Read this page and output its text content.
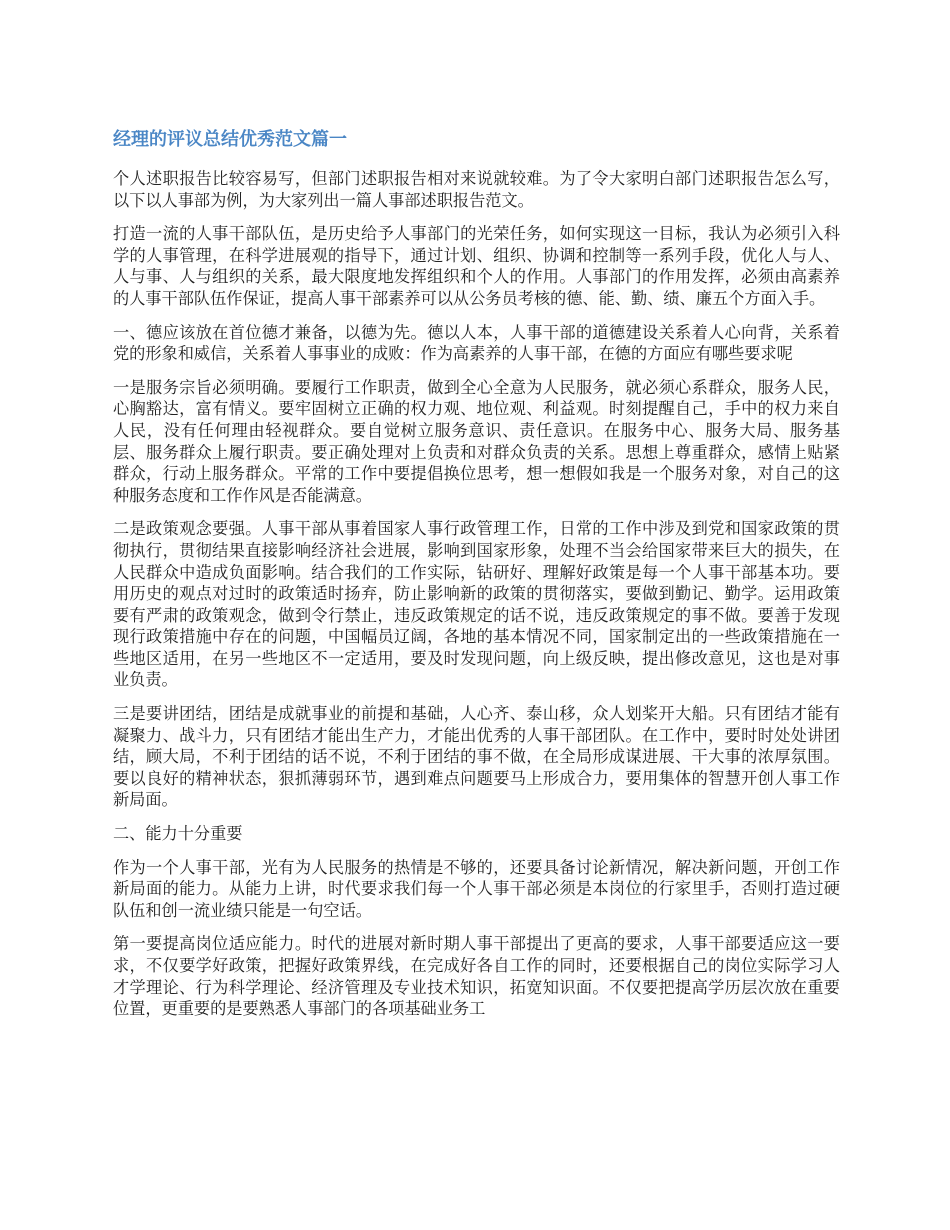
经理的评议总结优秀范文篇一

个人述职报告比较容易写，但部门述职报告相对来说就较难。为了令大家明白部门述职报告怎么写，以下以人事部为例，为大家列出一篇人事部述职报告范文。

打造一流的人事干部队伍，是历史给予人事部门的光荣任务，如何实现这一目标，我认为必须引入科学的人事管理，在科学进展观的指导下，通过计划、组织、协调和控制等一系列手段，优化人与人、人与事、人与组织的关系，最大限度地发挥组织和个人的作用。人事部门的作用发挥，必须由高素养的人事干部队伍作保证，提高人事干部素养可以从公务员考核的德、能、勤、绩、廉五个方面入手。

一、德应该放在首位德才兼备，以德为先。德以人本，人事干部的道德建设关系着人心向背，关系着党的形象和威信，关系着人事事业的成败：作为高素养的人事干部，在德的方面应有哪些要求呢

一是服务宗旨必须明确。要履行工作职责，做到全心全意为人民服务，就必须心系群众，服务人民，心胸豁达，富有情义。要牢固树立正确的权力观、地位观、利益观。时刻提醒自己，手中的权力来自人民，没有任何理由轻视群众。要自觉树立服务意识、责任意识。在服务中心、服务大局、服务基层、服务群众上履行职责。要正确处理对上负责和对群众负责的关系。思想上尊重群众，感情上贴紧群众，行动上服务群众。平常的工作中要提倡换位思考，想一想假如我是一个服务对象，对自己的这种服务态度和工作作风是否能满意。

二是政策观念要强。人事干部从事着国家人事行政管理工作，日常的工作中涉及到党和国家政策的贯彻执行，贯彻结果直接影响经济社会进展，影响到国家形象，处理不当会给国家带来巨大的损失，在人民群众中造成负面影响。结合我们的工作实际，钻研好、理解好政策是每一个人事干部基本功。要用历史的观点对过时的政策适时扬弃，防止影响新的政策的贯彻落实，要做到勤记、勤学。运用政策要有严肃的政策观念，做到令行禁止，违反政策规定的话不说，违反政策规定的事不做。要善于发现现行政策措施中存在的问题，中国幅员辽阔，各地的基本情况不同，国家制定出的一些政策措施在一些地区适用，在另一些地区不一定适用，要及时发现问题，向上级反映，提出修改意见，这也是对事业负责。

三是要讲团结，团结是成就事业的前提和基础，人心齐、泰山移，众人划桨开大船。只有团结才能有凝聚力、战斗力，只有团结才能出生产力，才能出优秀的人事干部团队。在工作中，要时时处处讲团结，顾大局，不利于团结的话不说，不利于团结的事不做，在全局形成谋进展、干大事的浓厚氛围。要以良好的精神状态，狠抓薄弱环节，遇到难点问题要马上形成合力，要用集体的智慧开创人事工作新局面。

二、能力十分重要

作为一个人事干部，光有为人民服务的热情是不够的，还要具备讨论新情况，解决新问题，开创工作新局面的能力。从能力上讲，时代要求我们每一个人事干部必须是本岗位的行家里手，否则打造过硬队伍和创一流业绩只能是一句空话。

第一要提高岗位适应能力。时代的进展对新时期人事干部提出了更高的要求，人事干部要适应这一要求，不仅要学好政策，把握好政策界线，在完成好各自工作的同时，还要根据自己的岗位实际学习人才学理论、行为科学理论、经济管理及专业技术知识，拓宽知识面。不仅要把提高学历层次放在重要位置，更重要的是要熟悉人事部门的各项基础业务工
